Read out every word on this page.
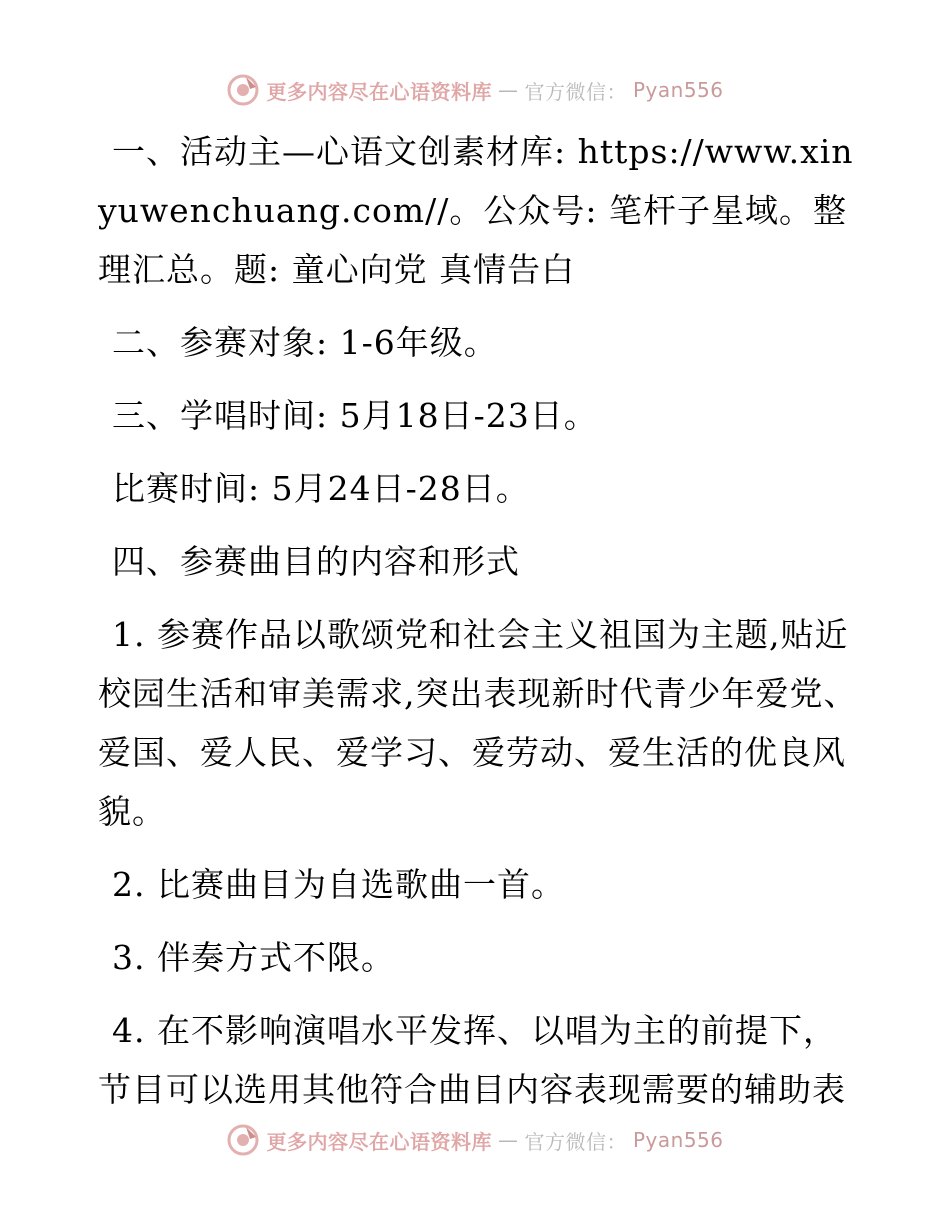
更多内容尽在心语资料库 — 官方微信： Pyan556

一、活动主—心语文创素材库: https://www.xinyuwenchuang.com//。公众号: 笔杆子星域。整理汇总。题: 童心向党 真情告白

二、参赛对象: 1-6年级。

三、学唱时间: 5月18日-23日。

比赛时间: 5月24日-28日。

四、参赛曲目的内容和形式

1. 参赛作品以歌颂党和社会主义祖国为主题,贴近校园生活和审美需求,突出表现新时代青少年爱党、爱国、爱人民、爱学习、爱劳动、爱生活的优良风貌。

2. 比赛曲目为自选歌曲一首。

3. 伴奏方式不限。

4. 在不影响演唱水平发挥、以唱为主的前提下，节目可以选用其他符合曲目内容表现需要的辅助表

更多内容尽在心语资料库 — 官方微信： Pyan556
